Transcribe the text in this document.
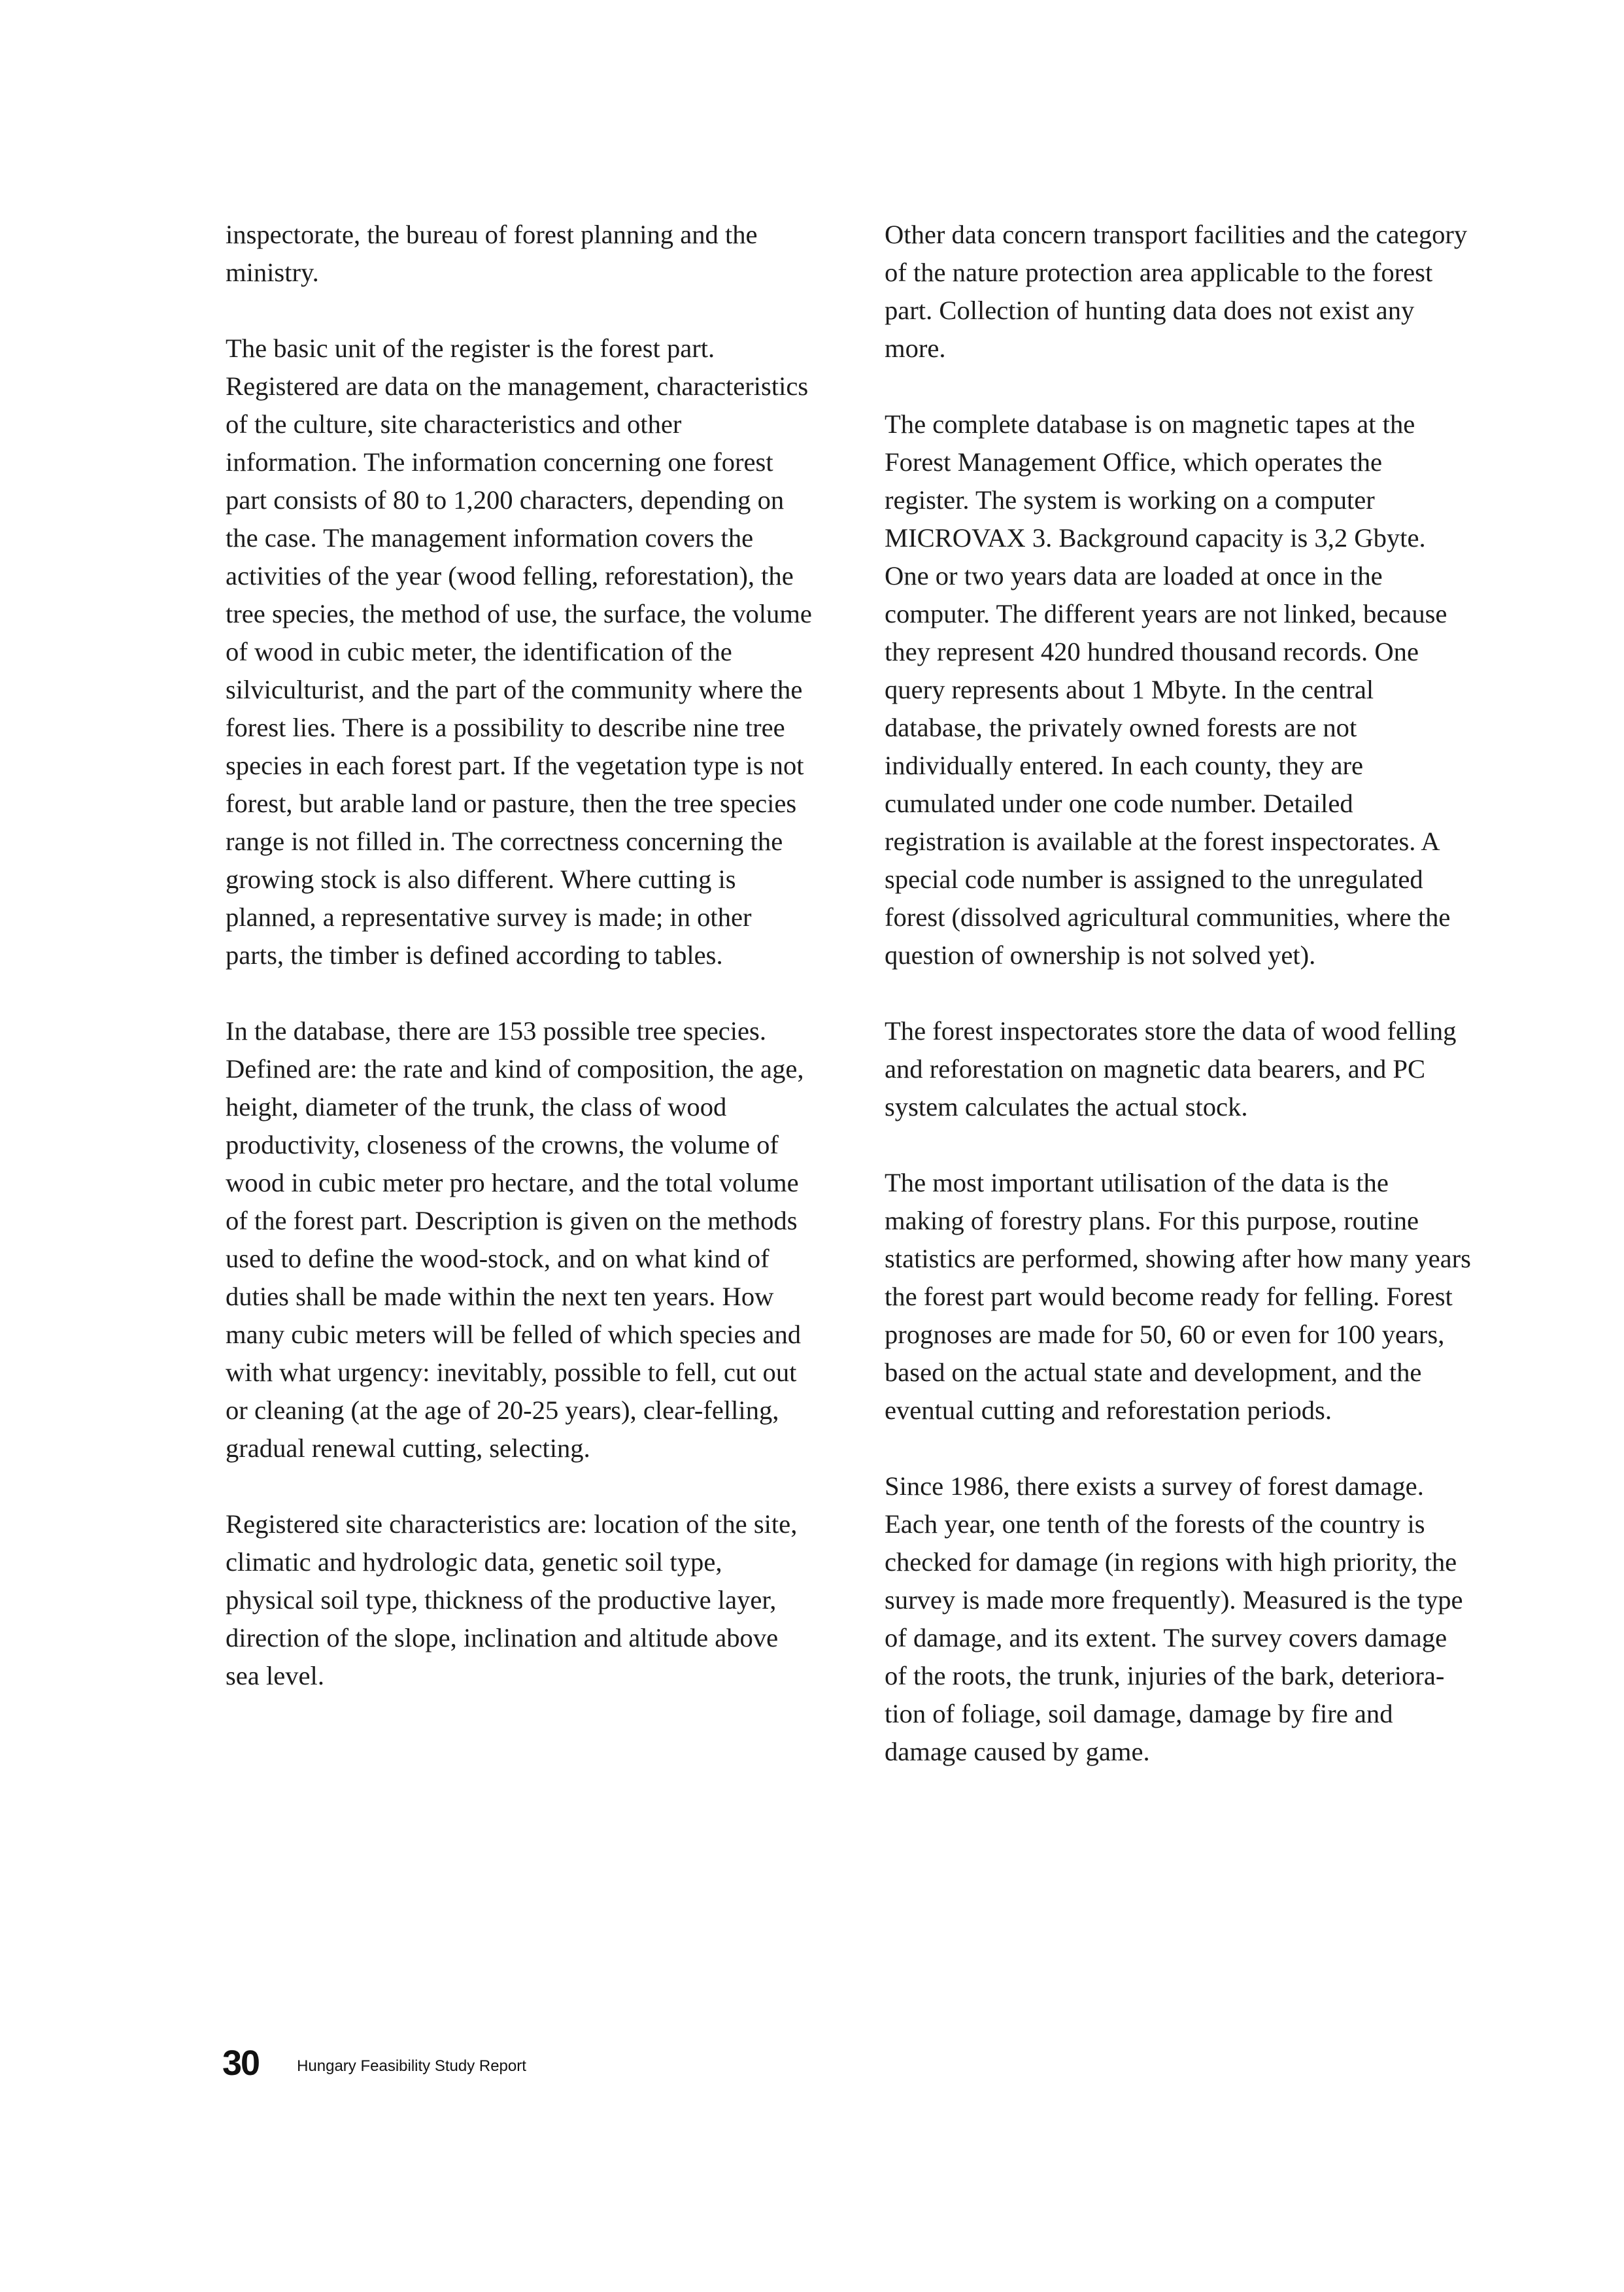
inspectorate, the bureau of forest planning and the ministry.

The basic unit of the register is the forest part. Registered are data on the management, characteristics of the culture, site characteristics and other information. The information concerning one forest part consists of 80 to 1,200 characters, depending on the case. The management information covers the activities of the year (wood felling, reforestation), the tree species, the method of use, the surface, the volume of wood in cubic meter, the identification of the silviculturist, and the part of the community where the forest lies. There is a possibility to describe nine tree species in each forest part. If the vegetation type is not forest, but arable land or pasture, then the tree species range is not filled in. The correctness concerning the growing stock is also different. Where cutting is planned, a representative survey is made; in other parts, the timber is defined according to tables.

In the database, there are 153 possible tree species. Defined are: the rate and kind of composition, the age, height, diameter of the trunk, the class of wood productivity, closeness of the crowns, the volume of wood in cubic meter pro hectare, and the total volume of the forest part. Description is given on the methods used to define the wood-stock, and on what kind of duties shall be made within the next ten years. How many cubic meters will be felled of which species and with what urgency: inevitably, possible to fell, cut out or cleaning (at the age of 20-25 years), clear-felling, gradual renewal cutting, selecting.

Registered site characteristics are: location of the site, climatic and hydrologic data, genetic soil type, physical soil type, thickness of the productive layer, direction of the slope, inclination and altitude above sea level.

Other data concern transport facilities and the category of the nature protection area applicable to the forest part. Collection of hunting data does not exist any more.

The complete database is on magnetic tapes at the Forest Management Office, which operates the register. The system is working on a computer MICROVAX 3. Background capacity is 3,2 Gbyte. One or two years data are loaded at once in the computer. The different years are not linked, because they represent 420 hundred thousand records. One query represents about 1 Mbyte. In the central database, the privately owned forests are not individually entered. In each county, they are cumulated under one code number. Detailed registration is available at the forest inspectorates. A special code number is assigned to the unregulated forest (dissolved agricultural communities, where the question of ownership is not solved yet).

The forest inspectorates store the data of wood felling and reforestation on magnetic data bearers, and PC system calculates the actual stock.

The most important utilisation of the data is the making of forestry plans. For this purpose, routine statistics are performed, showing after how many years the forest part would become ready for felling. Forest prognoses are made for 50, 60 or even for 100 years, based on the actual state and development, and the eventual cutting and reforestation periods.

Since 1986, there exists a survey of forest damage. Each year, one tenth of the forests of the country is checked for damage (in regions with high priority, the survey is made more frequently). Measured is the type of damage, and its extent. The survey covers damage of the roots, the trunk, injuries of the bark, deterioration of foliage, soil damage, damage by fire and damage caused by game.

30 Hungary Feasibility Study Report
